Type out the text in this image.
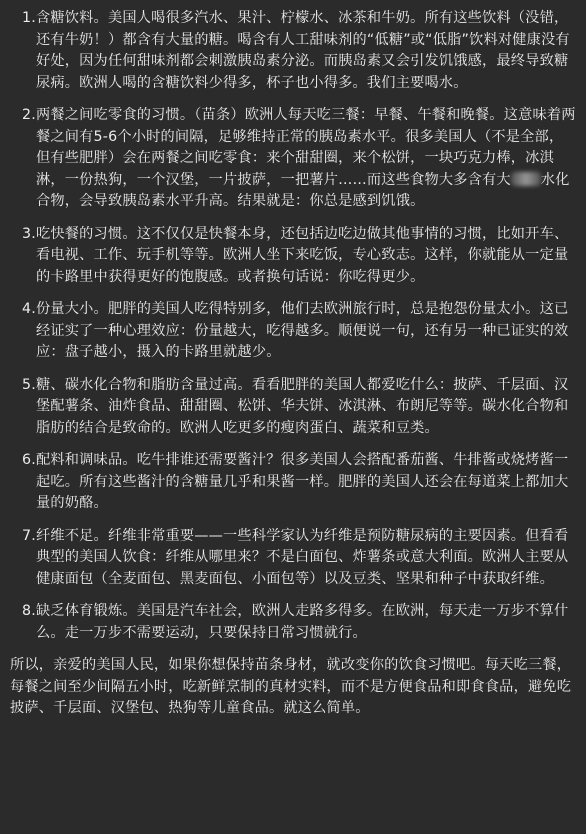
1. 含糖饮料。美国人喝很多汽水、果汁、柠檬水、冰茶和牛奶。所有这些饮料（没错，还有牛奶！）都含有大量的糖。喝含有人工甜味剂的“低糖”或“低脂”饮料对健康没有好处，因为任何甜味剂都会刺激胰岛素分泌。而胰岛素又会引发饥饿感，最终导致糖尿病。欧洲人喝的含糖饮料少得多，杯子也小得多。我们主要喝水。
2. 两餐之间吃零食的习惯。（苗条）欧洲人每天吃三餐：早餐、午餐和晚餐。这意味着两餐之间有5-6个小时的间隔，足够维持正常的胰岛素水平。很多美国人（不是全部，但有些肥胖）会在两餐之间吃零食：来个甜甜圈，来个松饼，一块巧克力棒，冰淇淋，一份热狗，一个汉堡，一片披萨，一把薯片……而这些食物大多含有大 水化合物，会导致胰岛素水平升高。结果就是：你总是感到饥饿。
3. 吃快餐的习惯。这不仅仅是快餐本身，还包括边吃边做其他事情的习惯，比如开车、看电视、工作、玩手机等等。欧洲人坐下来吃饭，专心致志。这样，你就能从一定量的卡路里中获得更好的饱腹感。或者换句话说：你吃得更少。
4. 份量大小。肥胖的美国人吃得特别多，他们去欧洲旅行时，总是抱怨份量太小。这已经证实了一种心理效应：份量越大，吃得越多。顺便说一句，还有另一种已证实的效应：盘子越小，摄入的卡路里就越少。
5. 糖、碳水化合物和脂肪含量过高。看看肥胖的美国人都爱吃什么：披萨、千层面、汉堡配薯条、油炸食品、甜甜圈、松饼、华夫饼、冰淇淋、布朗尼等等。碳水化合物和脂肪的结合是致命的。欧洲人吃更多的瘦肉蛋白、蔬菜和豆类。
6. 配料和调味品。吃牛排谁还需要酱汁？很多美国人会搭配番茄酱、牛排酱或烧烤酱一起吃。所有这些酱汁的含糖量几乎和果酱一样。肥胖的美国人还会在每道菜上都加大量的奶酪。
7. 纤维不足。纤维非常重要——一些科学家认为纤维是预防糖尿病的主要因素。但看看典型的美国人饮食：纤维从哪里来？不是白面包、炸薯条或意大利面。欧洲人主要从健康面包（全麦面包、黑麦面包、小面包等）以及豆类、坚果和种子中获取纤维。
8. 缺乏体育锻炼。美国是汽车社会，欧洲人走路多得多。在欧洲，每天走一万步不算什么。走一万步不需要运动，只要保持日常习惯就行。

所以，亲爱的美国人民，如果你想保持苗条身材，就改变你的饮食习惯吧。每天吃三餐，每餐之间至少间隔五小时，吃新鲜烹制的真材实料，而不是方便食品和即食食品，避免吃披萨、千层面、汉堡包、热狗等儿童食品。就这么简单。
